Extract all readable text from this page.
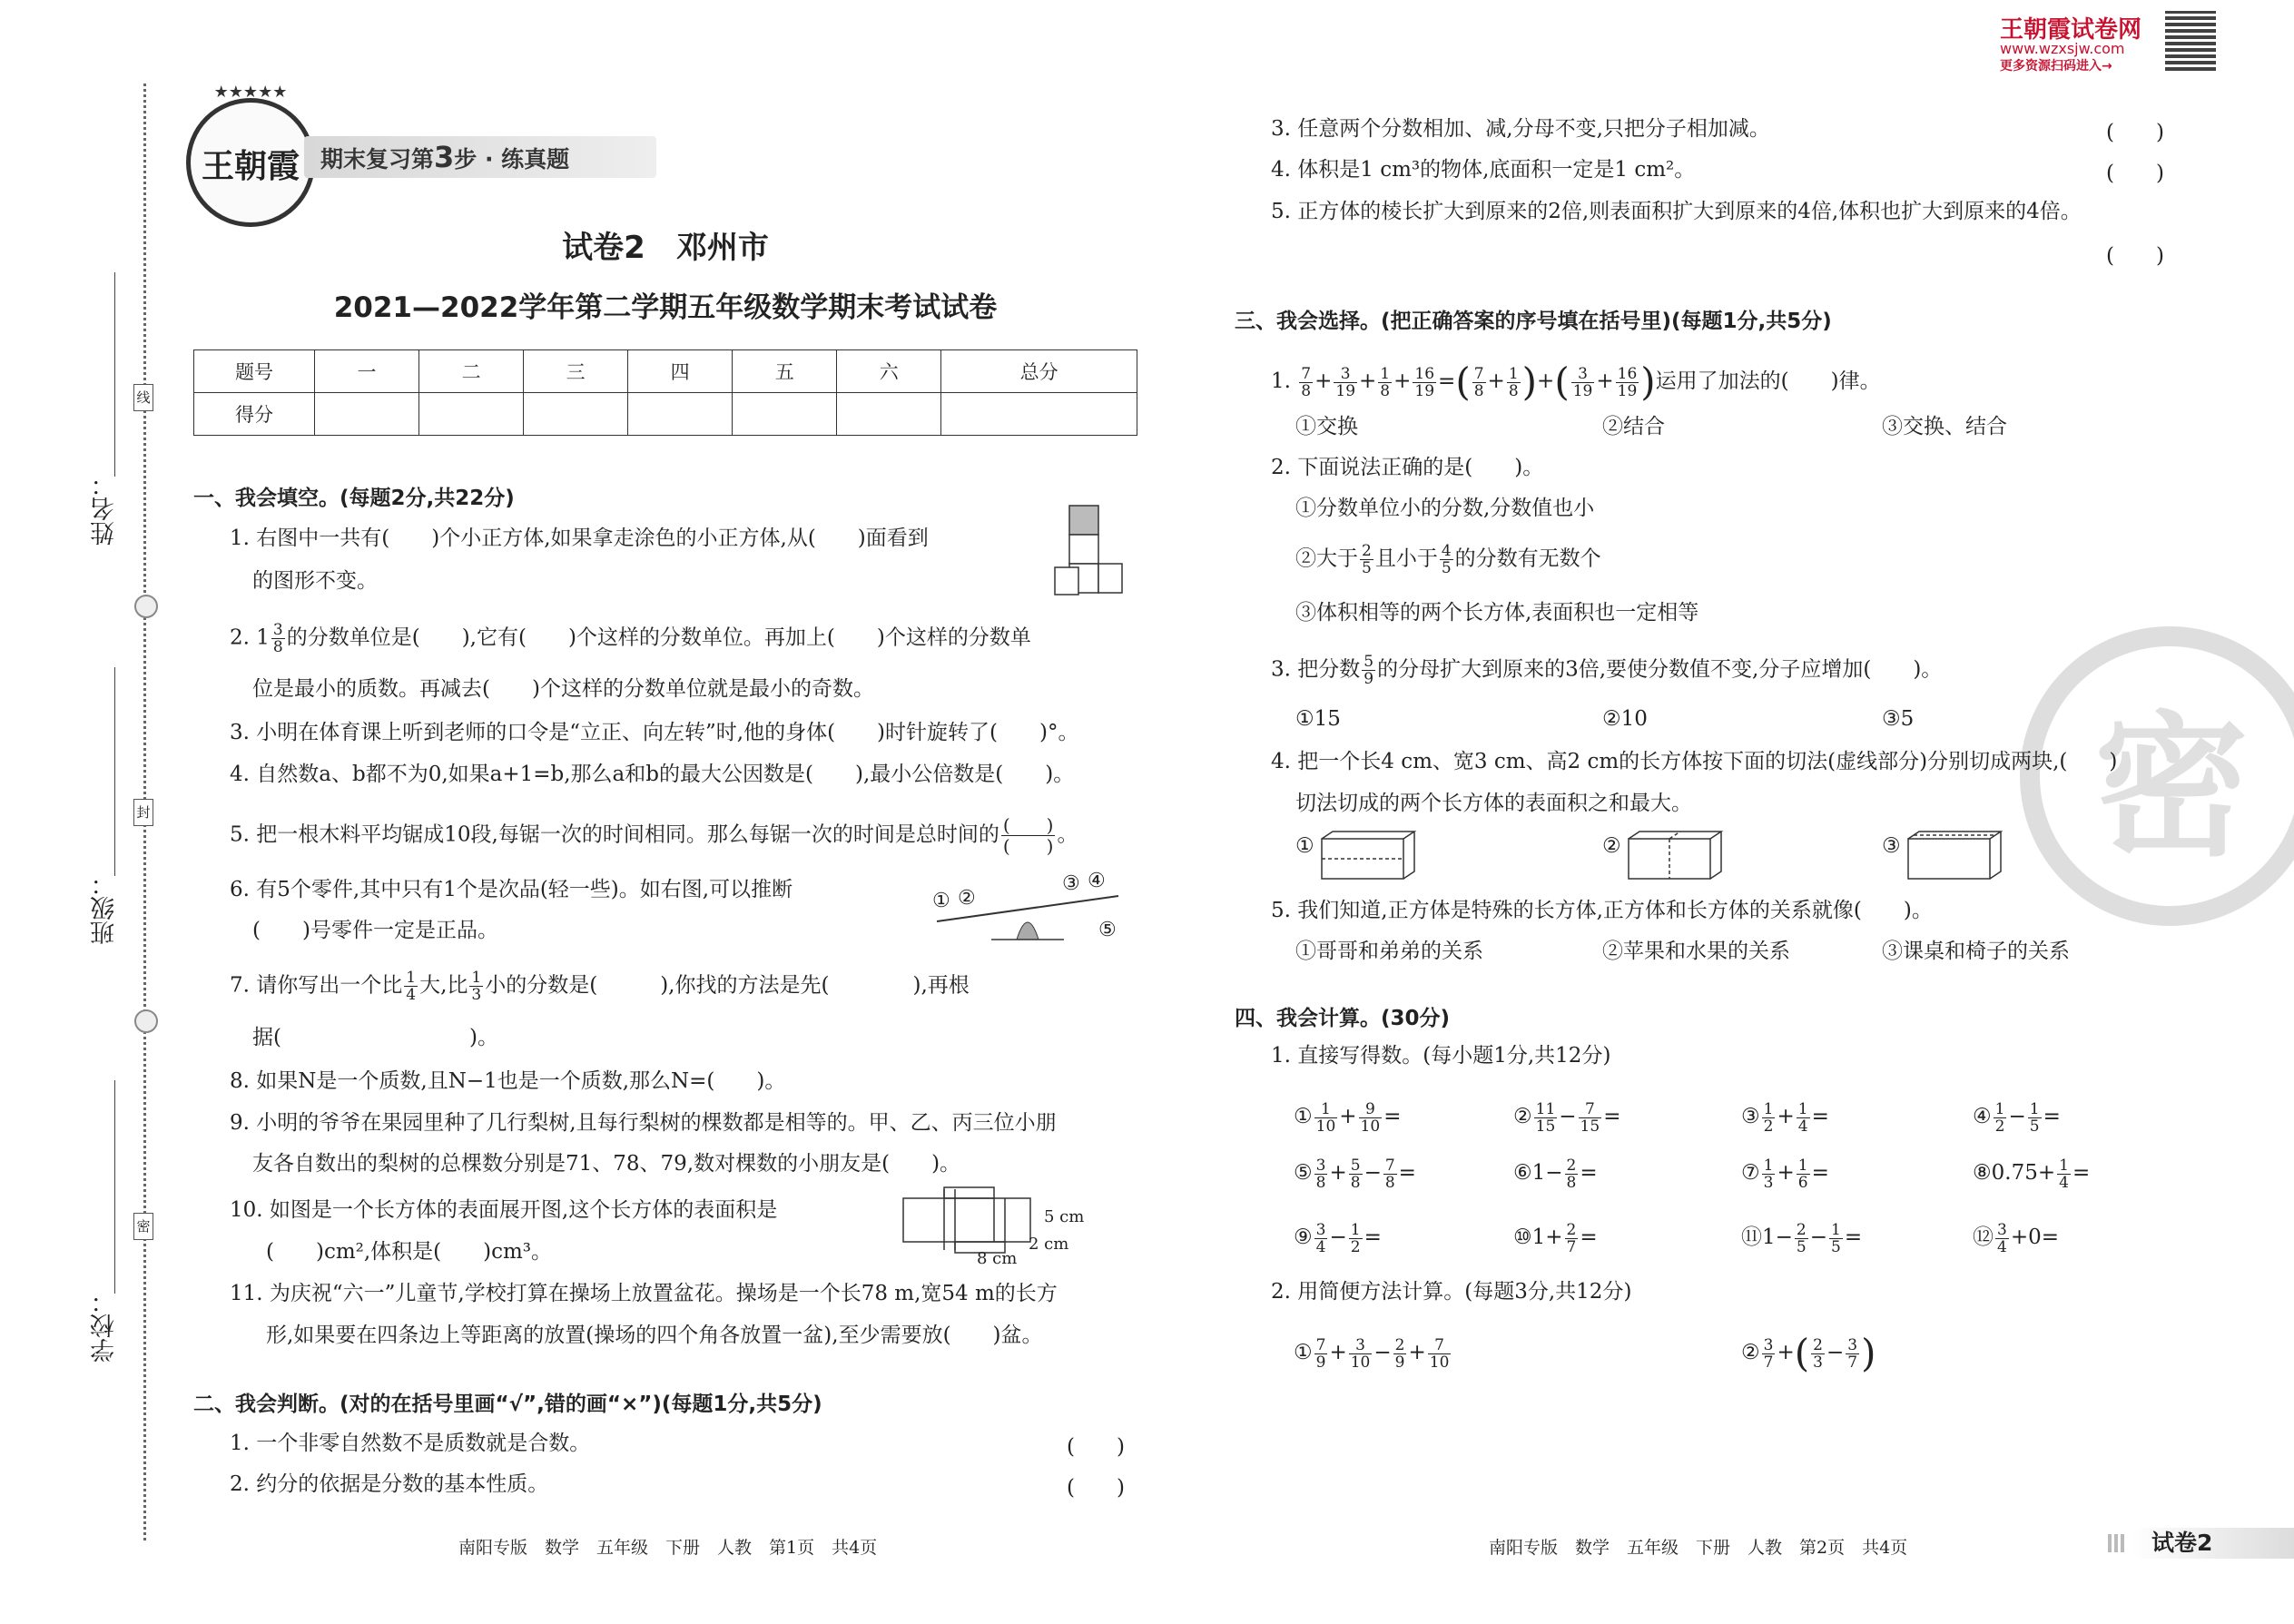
线
封
密
学校：
班级：
姓名：
★★★★★
王朝霞 期末复习第3步 · 练真题
王朝霞试卷网
www.wzxsjw.com
更多资源扫码进入→
密
试卷2　邓州市
2021—2022学年第二学期五年级数学期末考试试卷
题号	一	二	三	四	五	六	总分
得分							
一、我会填空。(每题2分,共22分)
1. 右图中一共有(　　)个小正方体,如果拿走涂色的小正方体,从(　　)面看到
的图形不变。
2. $1 \frac{3}{8}$ 的分数单位是(　　),它有(　　)个这样的分数单位。再加上(　　)个这样的分数单
位是最小的质数。再减去(　　)个这样的分数单位就是最小的奇数。
3. 小明在体育课上听到老师的口令是“立正、向左转”时,他的身体(　　)时针旋转了(　　)°。
4. 自然数a、b都不为0,如果a+1=b,那么a和b的最大公因数是(　　),最小公倍数是(　　)。
5. 把一根木料平均锯成10段,每锯一次的时间相同。那么每锯一次的时间是总时间的 $\frac{( )}{( )}$ 。
6. 有5个零件,其中只有1个是次品(轻一些)。如右图,可以推断
(　　)号零件一定是正品。
① ②
③ ④
⑤
7. 请你写出一个比 $\frac{1}{4}$ 大,比 $\frac{1}{3}$ 小的分数是(　　　),你找的方法是先(　　　　),再根
据(　　　　　　　　　)。
8. 如果N是一个质数,且N−1也是一个质数,那么N=(　　)。
9. 小明的爷爷在果园里种了几行梨树,且每行梨树的棵数都是相等的。甲、乙、丙三位小朋
友各自数出的梨树的总棵数分别是71、78、79,数对棵数的小朋友是(　　)。
10. 如图是一个长方体的表面展开图,这个长方体的表面积是
(　　)cm²,体积是(　　)cm³。
5 cm
2 cm
8 cm
11. 为庆祝“六一”儿童节,学校打算在操场上放置盆花。操场是一个长78 m,宽54 m的长方
形,如果要在四条边上等距离的放置(操场的四个角各放置一盆),至少需要放(　　)盆。
二、我会判断。(对的在括号里画“√”,错的画“×”)(每题1分,共5分)
1. 一个非零自然数不是质数就是合数。	(　　)
2. 约分的依据是分数的基本性质。	(　　)
南阳专版　数学　五年级　下册　人教　第1页　共4页
3. 任意两个分数相加、减,分母不变,只把分子相加减。	(　　)
4. 体积是1 cm³的物体,底面积一定是1 cm²。	(　　)
5. 正方体的棱长扩大到原来的2倍,则表面积扩大到原来的4倍,体积也扩大到原来的4倍。
(　　)
三、我会选择。(把正确答案的序号填在括号里)(每题1分,共5分)
1. $\frac{7}{8} + \frac{3}{19} + \frac{1}{8} + \frac{16}{19}$ =( $\frac{7}{8} + \frac{1}{8}$ )+( $\frac{3}{19} + \frac{16}{19}$ )运用了加法的(　　)律。
①交换	②结合	③交换、结合
2. 下面说法正确的是(　　)。
①分数单位小的分数,分数值也小
②大于 $\frac{2}{5}$ 且小于 $\frac{4}{5}$ 的分数有无数个
③体积相等的两个长方体,表面积也一定相等
3. 把分数 $\frac{5}{9}$ 的分母扩大到原来的3倍,要使分数值不变,分子应增加(　　)。
①15	②10	③5
4. 把一个长4 cm、宽3 cm、高2 cm的长方体按下面的切法(虚线部分)分别切成两块,(　　)
切法切成的两个长方体的表面积之和最大。
①	②	③
5. 我们知道,正方体是特殊的长方体,正方体和长方体的关系就像(　　)。
①哥哥和弟弟的关系	②苹果和水果的关系	③课桌和椅子的关系
四、我会计算。(30分)
1. 直接写得数。(每小题1分,共12分)
① $\frac{1}{10} + \frac{9}{10}$ =	② $\frac{11}{15} - \frac{7}{15}$ =	③ $\frac{1}{2} + \frac{1}{4}$ =	④ $\frac{1}{2} - \frac{1}{5}$ =
⑤ $\frac{3}{8} + \frac{5}{8} - \frac{7}{8}$ =	⑥1− $\frac{2}{8}$ =	⑦ $\frac{1}{3} + \frac{1}{6}$ =	⑧0.75+ $\frac{1}{4}$ =
⑨ $\frac{3}{4} - \frac{1}{2}$ =	⑩1+ $\frac{2}{7}$ =	⑪1− $\frac{2}{5} - \frac{1}{5}$ =	⑫ $\frac{3}{4} +0=$
2. 用简便方法计算。(每题3分,共12分)
① $\frac{7}{9} + \frac{3}{10} - \frac{2}{9} + \frac{7}{10}$	② $\frac{3}{7}$ +( $\frac{2}{3} - \frac{3}{7}$ )
南阳专版　数学　五年级　下册　人教　第2页　共4页	试卷2
